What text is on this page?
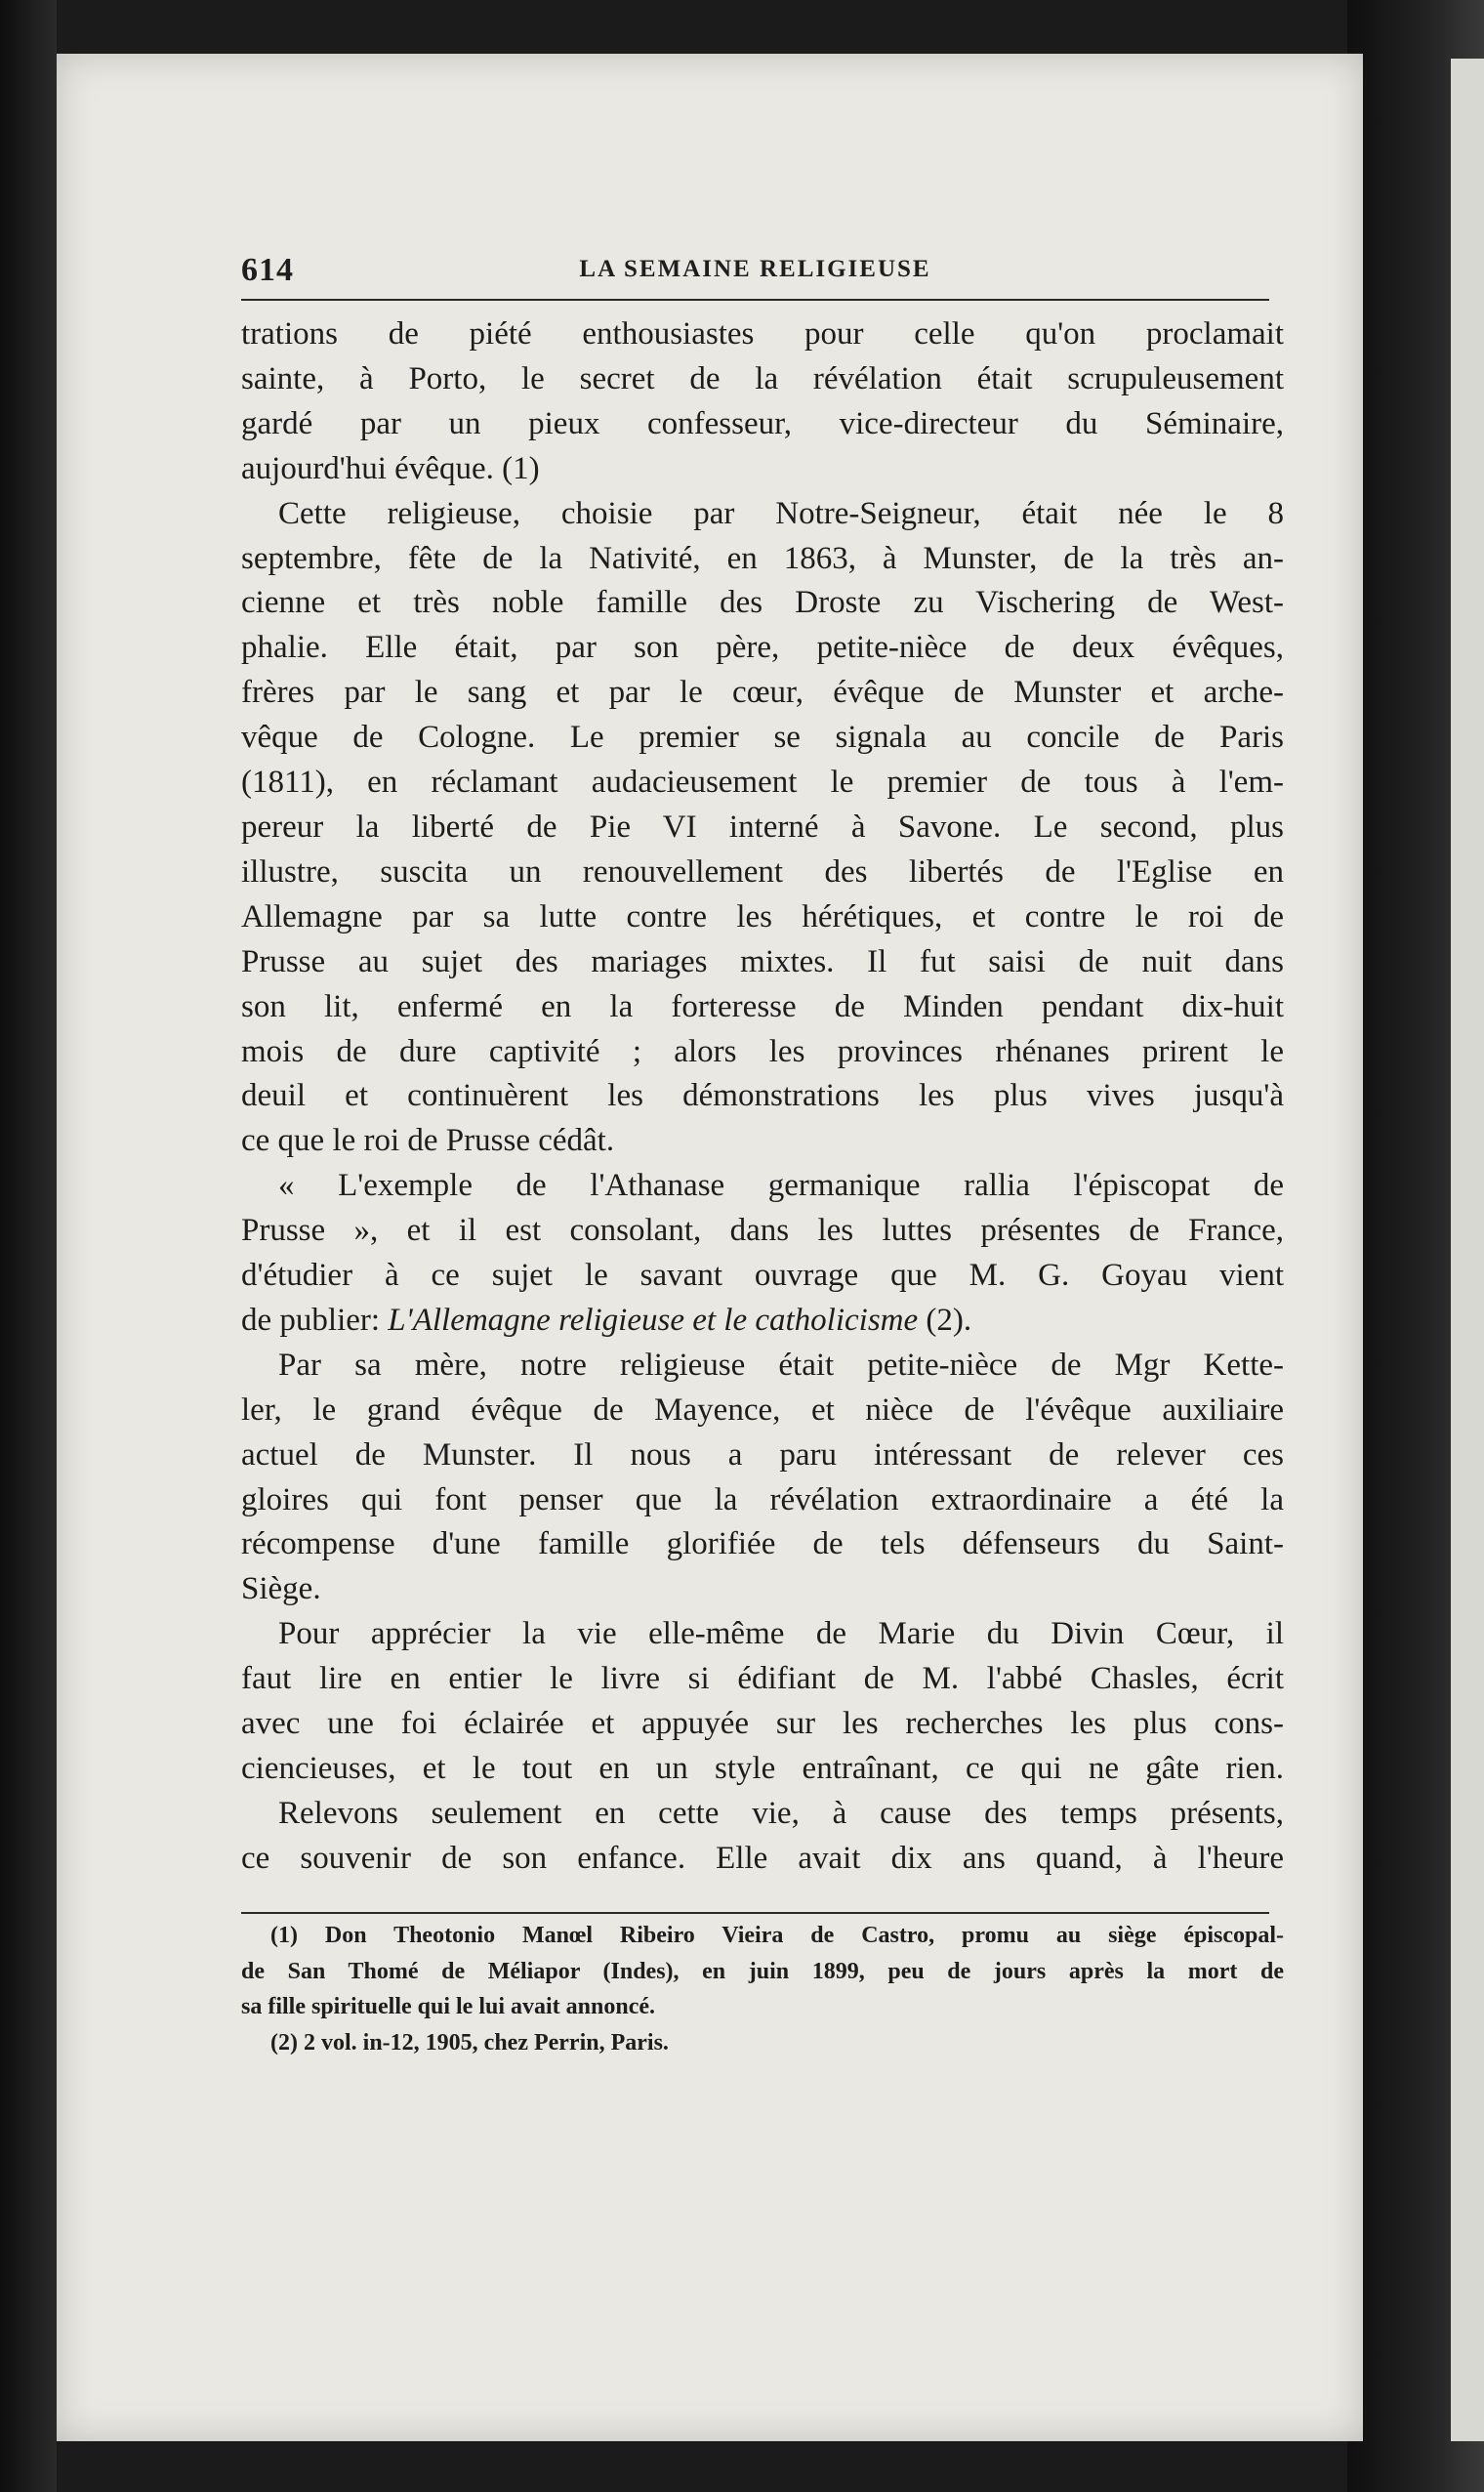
614	LA SEMAINE RELIGIEUSE
trations de piété enthousiastes pour celle qu'on proclamait
sainte, à Porto, le secret de la révélation était scrupuleusement
gardé par un pieux confesseur, vice-directeur du Séminaire,
aujourd'hui évêque. (1)
Cette religieuse, choisie par Notre-Seigneur, était née le 8
septembre, fête de la Nativité, en 1863, à Munster, de la très an-
cienne et très noble famille des Droste zu Vischering de West-
phalie. Elle était, par son père, petite-nièce de deux évêques,
frères par le sang et par le cœur, évêque de Munster et arche-
vêque de Cologne. Le premier se signala au concile de Paris
(1811), en réclamant audacieusement le premier de tous à l'em-
pereur la liberté de Pie VI interné à Savone. Le second, plus
illustre, suscita un renouvellement des libertés de l'Eglise en
Allemagne par sa lutte contre les hérétiques, et contre le roi de
Prusse au sujet des mariages mixtes. Il fut saisi de nuit dans
son lit, enfermé en la forteresse de Minden pendant dix-huit
mois de dure captivité ; alors les provinces rhénanes prirent le
deuil et continuèrent les démonstrations les plus vives jusqu'à
ce que le roi de Prusse cédât.
« L'exemple de l'Athanase germanique rallia l'épiscopat de
Prusse », et il est consolant, dans les luttes présentes de France,
d'étudier à ce sujet le savant ouvrage que M. G. Goyau vient
de publier: L'Allemagne religieuse et le catholicisme (2).
Par sa mère, notre religieuse était petite-nièce de Mgr Kette-
ler, le grand évêque de Mayence, et nièce de l'évêque auxiliaire
actuel de Munster. Il nous a paru intéressant de relever ces
gloires qui font penser que la révélation extraordinaire a été la
récompense d'une famille glorifiée de tels défenseurs du Saint-
Siège.
Pour apprécier la vie elle-même de Marie du Divin Cœur, il
faut lire en entier le livre si édifiant de M. l'abbé Chasles, écrit
avec une foi éclairée et appuyée sur les recherches les plus cons-
ciencieuses, et le tout en un style entraînant, ce qui ne gâte rien.
Relevons seulement en cette vie, à cause des temps présents,
ce souvenir de son enfance. Elle avait dix ans quand, à l'heure
(1) Don Theotonio Manœl Ribeiro Vieira de Castro, promu au siège épiscopal-
de San Thomé de Méliapor (Indes), en juin 1899, peu de jours après la mort de
sa fille spirituelle qui le lui avait annoncé.
(2) 2 vol. in-12, 1905, chez Perrin, Paris.
